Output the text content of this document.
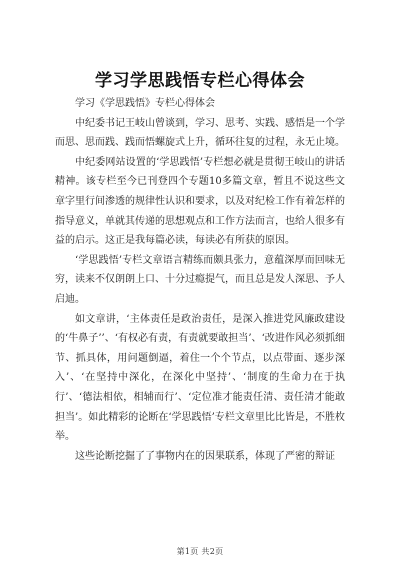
学习学思践悟专栏心得体会

学习《学思践悟》专栏心得体会

中纪委书记王岐山曾谈到，学习、思考、实践、感悟是一个学而思、思而践、践而悟螺旋式上升，循环往复的过程，永无止境。

中纪委网站设置的‘学思践悟’专栏想必就是贯彻王岐山的讲话精神。该专栏至今已刊登四个专题10多篇文章，暂且不说这些文章字里行间渗透的规律性认识和要求，以及对纪检工作有着怎样的指导意义，单就其传递的思想观点和工作方法而言，也给人很多有益的启示。这正是我每篇必读，每读必有所获的原因。

‘学思践悟’专栏文章语言精练而颇具张力，意蕴深厚而回味无穷，读来不仅朗朗上口、十分过瘾提气，而且总是发人深思、予人启迪。

如文章讲，‘主体责任是政治责任，是深入推进党风廉政建设的‘牛鼻子’’、‘有权必有责，有责就要敢担当’、‘改进作风必须抓细节、抓具体，用问题倒逼，着住一个个节点，以点带面、逐步深入’、‘在坚持中深化，在深化中坚持’、‘制度的生命力在于执行’、‘德法相依，相辅而行’、‘定位准才能责任清、责任清才能敢担当’。如此精彩的论断在‘学思践悟’专栏文章里比比皆是，不胜枚举。

这些论断挖掘了了事物内在的因果联系，体现了严密的辩证

第1页 共2页
